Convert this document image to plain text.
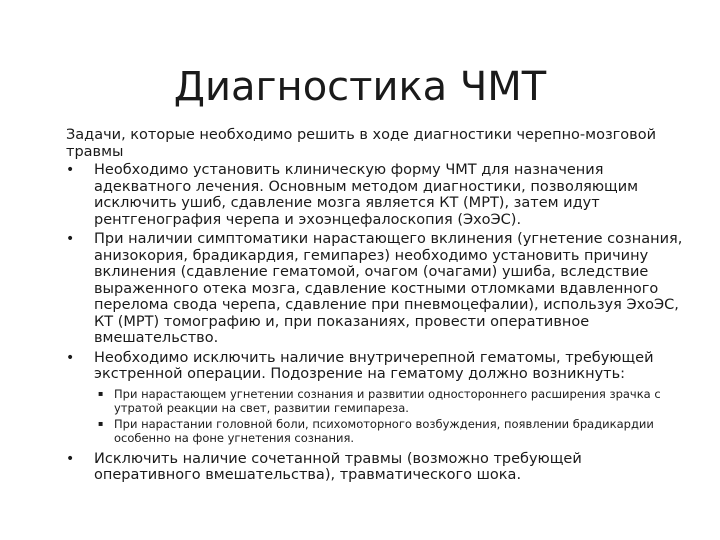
Диагностика ЧМТ

Задачи, которые необходимо решить в ходе диагностики черепно-мозговой травмы

•	Необходимо установить клиническую форму ЧМТ для назначения адекватного лечения. Основным методом диагностики, позволяющим исключить ушиб, сдавление мозга является КТ (МРТ), затем идут рентгенография черепа и эхоэнцефалоскопия (ЭхоЭС).
•	При наличии симптоматики нарастающего вклинения (угнетение сознания, анизокория, брадикардия, гемипарез) необходимо установить причину вклинения (сдавление гематомой, очагом (очагами) ушиба, вследствие выраженного отека мозга, сдавление костными отломками вдавленного перелома свода черепа, сдавление при пневмоцефалии), используя ЭхоЭС, КТ (МРТ) томографию и, при показаниях, провести оперативное вмешательство.
•	Необходимо исключить наличие внутричерепной гематомы, требующей экстренной операции. Подозрение на гематому должно возникнуть:
▪ При нарастающем угнетении сознания и развитии одностороннего расширения зрачка с утратой реакции на свет, развитии гемипареза.
▪ При нарастании головной боли, психомоторного возбуждения, появлении брадикардии особенно на фоне угнетения сознания.
•	Исключить наличие сочетанной травмы (возможно требующей оперативного вмешательства), травматического шока.
